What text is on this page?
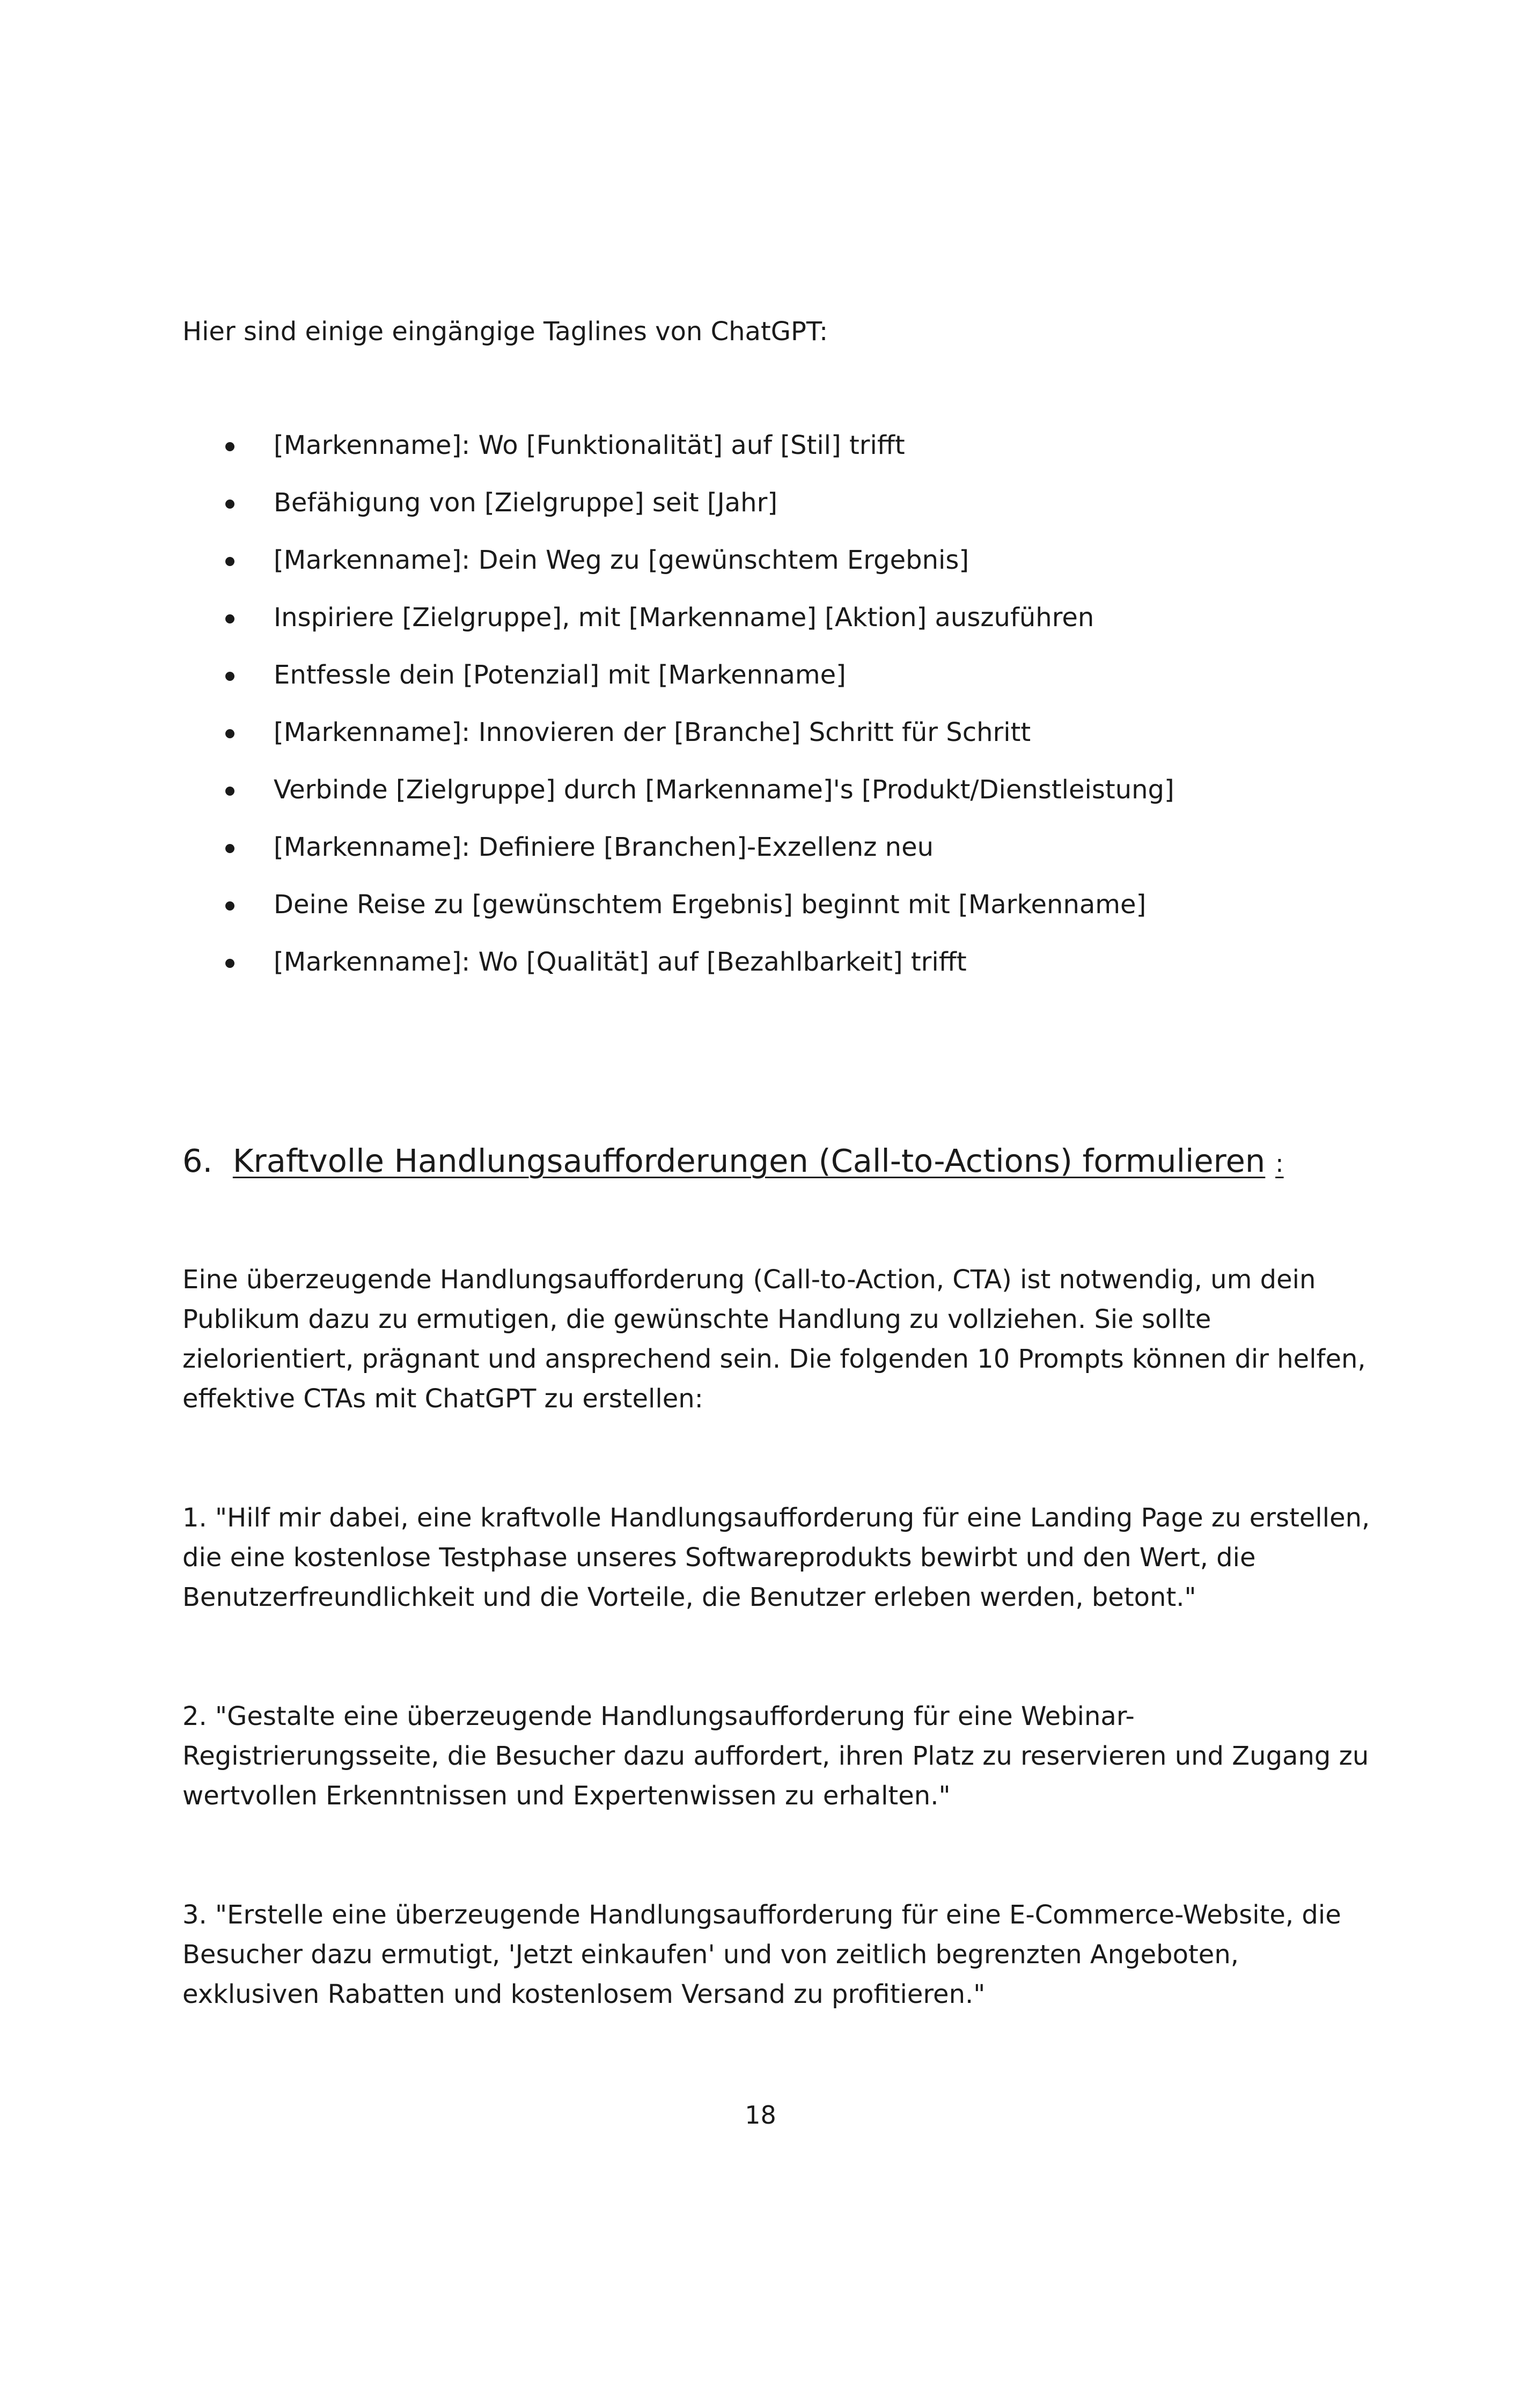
Hier sind einige eingängige Taglines von ChatGPT:

[Markenname]: Wo [Funktionalität] auf [Stil] trifft
Befähigung von [Zielgruppe] seit [Jahr]
[Markenname]: Dein Weg zu [gewünschtem Ergebnis]
Inspiriere [Zielgruppe], mit [Markenname] [Aktion] auszuführen
Entfessle dein [Potenzial] mit [Markenname]
[Markenname]: Innovieren der [Branche] Schritt für Schritt
Verbinde [Zielgruppe] durch [Markenname]'s [Produkt/Dienstleistung]
[Markenname]: Definiere [Branchen]-Exzellenz neu
Deine Reise zu [gewünschtem Ergebnis] beginnt mit [Markenname]
[Markenname]: Wo [Qualität] auf [Bezahlbarkeit] trifft
6. Kraftvolle Handlungsaufforderungen (Call-to-Actions) formulieren :

Eine überzeugende Handlungsaufforderung (Call-to-Action, CTA) ist notwendig, um dein
Publikum dazu zu ermutigen, die gewünschte Handlung zu vollziehen. Sie sollte
zielorientiert, prägnant und ansprechend sein. Die folgenden 10 Prompts können dir helfen,
effektive CTAs mit ChatGPT zu erstellen:

1. "Hilf mir dabei, eine kraftvolle Handlungsaufforderung für eine Landing Page zu erstellen,
die eine kostenlose Testphase unseres Softwareprodukts bewirbt und den Wert, die
Benutzerfreundlichkeit und die Vorteile, die Benutzer erleben werden, betont."

2. "Gestalte eine überzeugende Handlungsaufforderung für eine Webinar-
Registrierungsseite, die Besucher dazu auffordert, ihren Platz zu reservieren und Zugang zu
wertvollen Erkenntnissen und Expertenwissen zu erhalten."

3. "Erstelle eine überzeugende Handlungsaufforderung für eine E-Commerce-Website, die
Besucher dazu ermutigt, 'Jetzt einkaufen' und von zeitlich begrenzten Angeboten,
exklusiven Rabatten und kostenlosem Versand zu profitieren."

18
